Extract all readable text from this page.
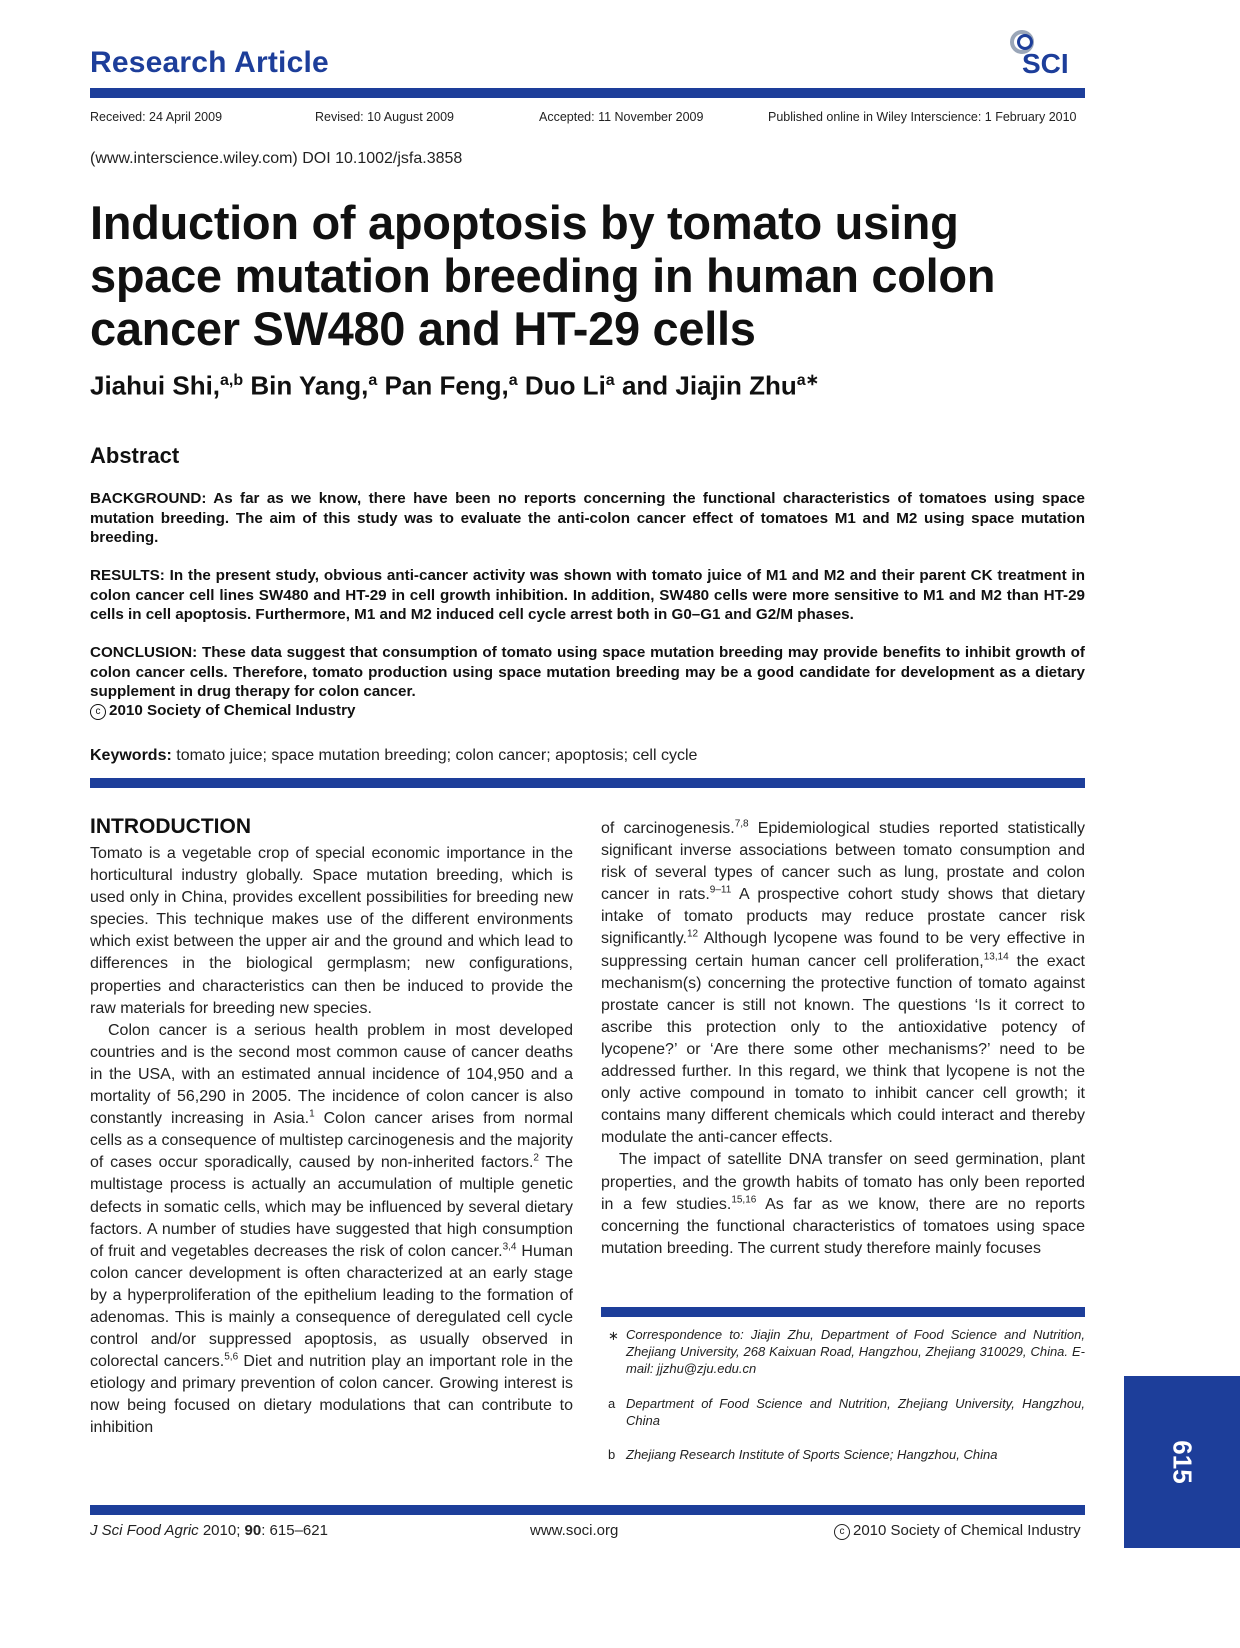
Research Article	SCI
Received: 24 April 2009	Revised: 10 August 2009	Accepted: 11 November 2009	Published online in Wiley Interscience: 1 February 2010
(www.interscience.wiley.com) DOI 10.1002/jsfa.3858
Induction of apoptosis by tomato using space mutation breeding in human colon cancer SW480 and HT-29 cells
Jiahui Shi,$^{a,b}$ Bin Yang,$^a$ Pan Feng,$^a$ Duo Li$^a$ and Jiajin Zhu$^{a∗}$
Abstract
BACKGROUND: As far as we know, there have been no reports concerning the functional characteristics of tomatoes using space mutation breeding. The aim of this study was to evaluate the anti-colon cancer effect of tomatoes M1 and M2 using space mutation breeding.
RESULTS: In the present study, obvious anti-cancer activity was shown with tomato juice of M1 and M2 and their parent CK treatment in colon cancer cell lines SW480 and HT-29 in cell growth inhibition. In addition, SW480 cells were more sensitive to M1 and M2 than HT-29 cells in cell apoptosis. Furthermore, M1 and M2 induced cell cycle arrest both in G0–G1 and G2/M phases.
CONCLUSION: These data suggest that consumption of tomato using space mutation breeding may provide benefits to inhibit growth of colon cancer cells. Therefore, tomato production using space mutation breeding may be a good candidate for development as a dietary supplement in drug therapy for colon cancer.
c 2010 Society of Chemical Industry
Keywords: tomato juice; space mutation breeding; colon cancer; apoptosis; cell cycle
INTRODUCTION

Tomato is a vegetable crop of special economic importance in the horticultural industry globally. Space mutation breeding, which is used only in China, provides excellent possibilities for breeding new species. This technique makes use of the different environments which exist between the upper air and the ground and which lead to differences in the biological germplasm; new configurations, properties and characteristics can then be induced to provide the raw materials for breeding new species.

Colon cancer is a serious health problem in most developed countries and is the second most common cause of cancer deaths in the USA, with an estimated annual incidence of 104,950 and a mortality of 56,290 in 2005. The incidence of colon cancer is also constantly increasing in Asia.$^1$ Colon cancer arises from normal cells as a consequence of multistep carcinogenesis and the majority of cases occur sporadically, caused by non-inherited factors.$^2$ The multistage process is actually an accumulation of multiple genetic defects in somatic cells, which may be influenced by several dietary factors. A number of studies have suggested that high consumption of fruit and vegetables decreases the risk of colon cancer.$^{3,4}$ Human colon cancer development is often characterized at an early stage by a hyperproliferation of the epithelium leading to the formation of adenomas. This is mainly a consequence of deregulated cell cycle control and/or suppressed apoptosis, as usually observed in colorectal cancers.$^{5,6}$ Diet and nutrition play an important role in the etiology and primary prevention of colon cancer. Growing interest is now being focused on dietary modulations that can contribute to inhibition

of carcinogenesis.$^{7,8}$ Epidemiological studies reported statistically significant inverse associations between tomato consumption and risk of several types of cancer such as lung, prostate and colon cancer in rats.$^{9-11}$ A prospective cohort study shows that dietary intake of tomato products may reduce prostate cancer risk significantly.$^{12}$ Although lycopene was found to be very effective in suppressing certain human cancer cell proliferation,$^{13,14}$ the exact mechanism(s) concerning the protective function of tomato against prostate cancer is still not known. The questions ‘Is it correct to ascribe this protection only to the antioxidative potency of lycopene?’ or ‘Are there some other mechanisms?’ need to be addressed further. In this regard, we think that lycopene is not the only active compound in tomato to inhibit cancer cell growth; it contains many different chemicals which could interact and thereby modulate the anti-cancer effects.

The impact of satellite DNA transfer on seed germination, plant properties, and the growth habits of tomato has only been reported in a few studies.$^{15,16}$ As far as we know, there are no reports concerning the functional characteristics of tomatoes using space mutation breeding. The current study therefore mainly focuses

∗ Correspondence to: Jiajin Zhu, Department of Food Science and Nutrition, Zhejiang University, 268 Kaixuan Road, Hangzhou, Zhejiang 310029, China. E-mail: jjzhu@zju.edu.cn
a Department of Food Science and Nutrition, Zhejiang University, Hangzhou, China
b Zhejiang Research Institute of Sports Science; Hangzhou, China	615
J Sci Food Agric 2010; 90: 615–621	www.soci.org	c 2010 Society of Chemical Industry
